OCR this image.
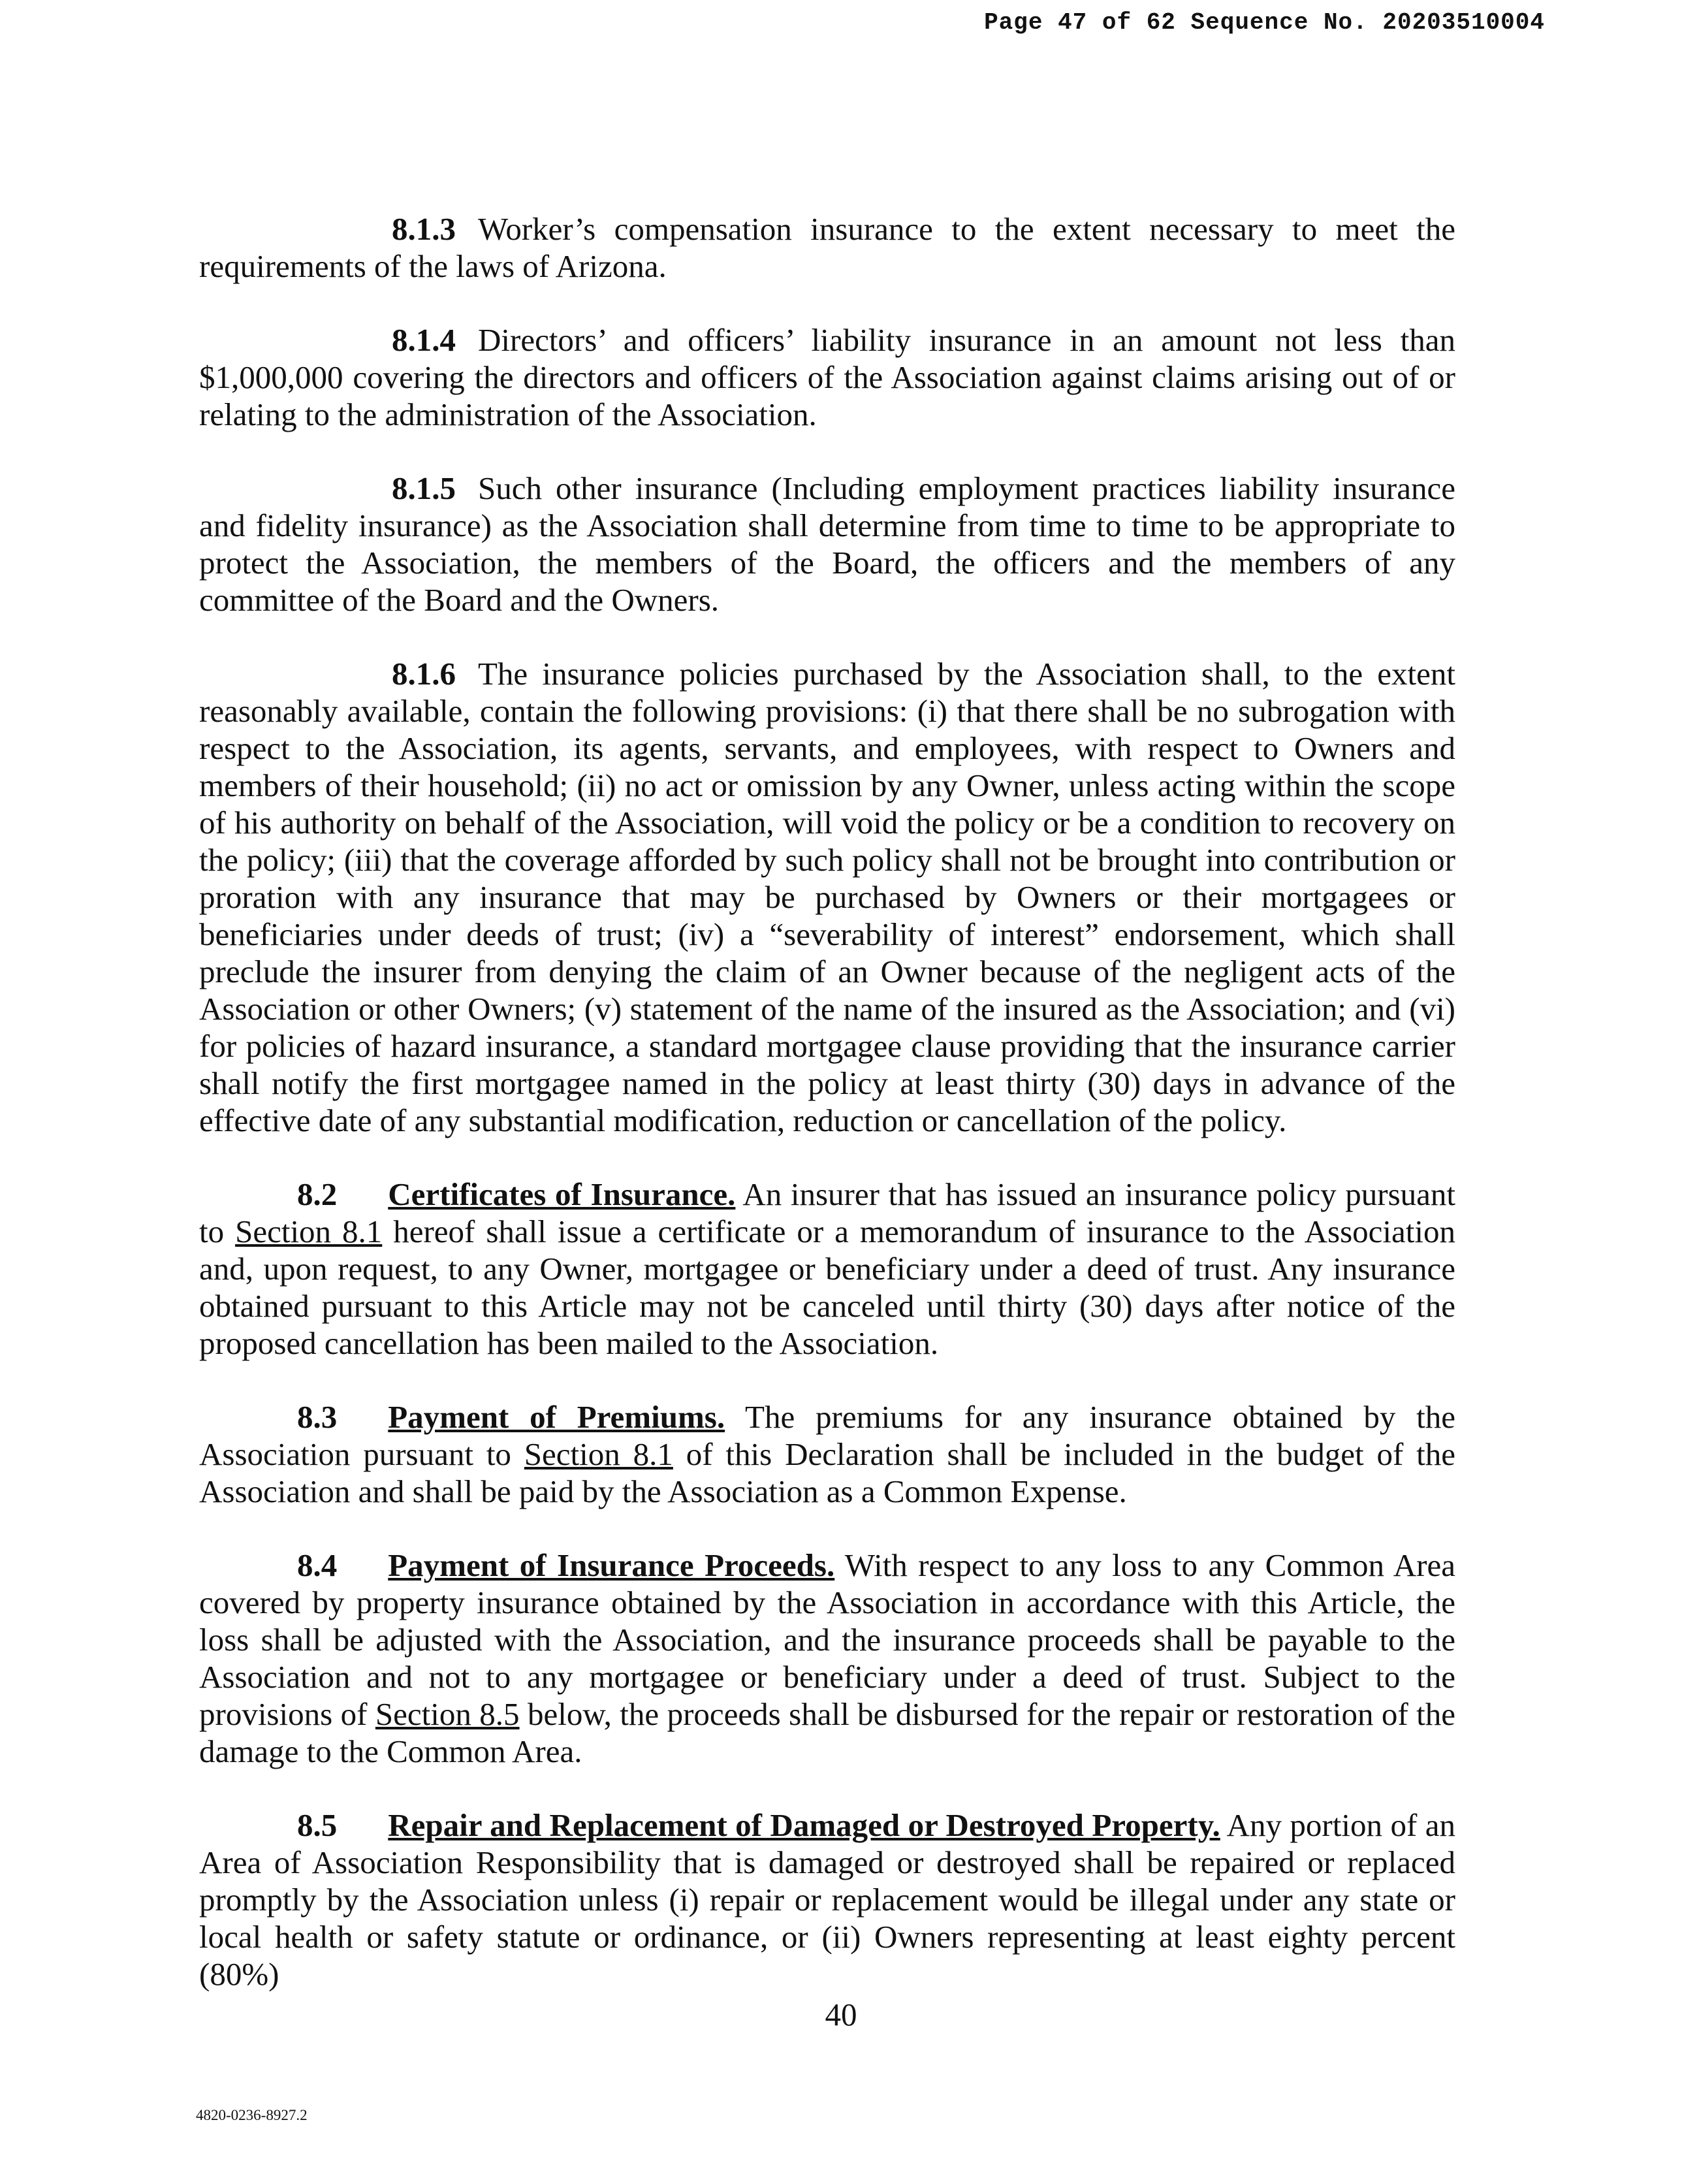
Page 47 of 62 Sequence No. 20203510004

8.1.3 Worker’s compensation insurance to the extent necessary to meet the requirements of the laws of Arizona.

8.1.4 Directors’ and officers’ liability insurance in an amount not less than $1,000,000 covering the directors and officers of the Association against claims arising out of or relating to the administration of the Association.

8.1.5 Such other insurance (Including employment practices liability insurance and fidelity insurance) as the Association shall determine from time to time to be appropriate to protect the Association, the members of the Board, the officers and the members of any committee of the Board and the Owners.

8.1.6 The insurance policies purchased by the Association shall, to the extent reasonably available, contain the following provisions: (i) that there shall be no subrogation with respect to the Association, its agents, servants, and employees, with respect to Owners and members of their household; (ii) no act or omission by any Owner, unless acting within the scope of his authority on behalf of the Association, will void the policy or be a condition to recovery on the policy; (iii) that the coverage afforded by such policy shall not be brought into contribution or proration with any insurance that may be purchased by Owners or their mortgagees or beneficiaries under deeds of trust; (iv) a “severability of interest” endorsement, which shall preclude the insurer from denying the claim of an Owner because of the negligent acts of the Association or other Owners; (v) statement of the name of the insured as the Association; and (vi) for policies of hazard insurance, a standard mortgagee clause providing that the insurance carrier shall notify the first mortgagee named in the policy at least thirty (30) days in advance of the effective date of any substantial modification, reduction or cancellation of the policy.

8.2 Certificates of Insurance. An insurer that has issued an insurance policy pursuant to Section 8.1 hereof shall issue a certificate or a memorandum of insurance to the Association and, upon request, to any Owner, mortgagee or beneficiary under a deed of trust. Any insurance obtained pursuant to this Article may not be canceled until thirty (30) days after notice of the proposed cancellation has been mailed to the Association.

8.3 Payment of Premiums. The premiums for any insurance obtained by the Association pursuant to Section 8.1 of this Declaration shall be included in the budget of the Association and shall be paid by the Association as a Common Expense.

8.4 Payment of Insurance Proceeds. With respect to any loss to any Common Area covered by property insurance obtained by the Association in accordance with this Article, the loss shall be adjusted with the Association, and the insurance proceeds shall be payable to the Association and not to any mortgagee or beneficiary under a deed of trust. Subject to the provisions of Section 8.5 below, the proceeds shall be disbursed for the repair or restoration of the damage to the Common Area.

8.5 Repair and Replacement of Damaged or Destroyed Property. Any portion of an Area of Association Responsibility that is damaged or destroyed shall be repaired or replaced promptly by the Association unless (i) repair or replacement would be illegal under any state or local health or safety statute or ordinance, or (ii) Owners representing at least eighty percent (80%)

40
4820-0236-8927.2
